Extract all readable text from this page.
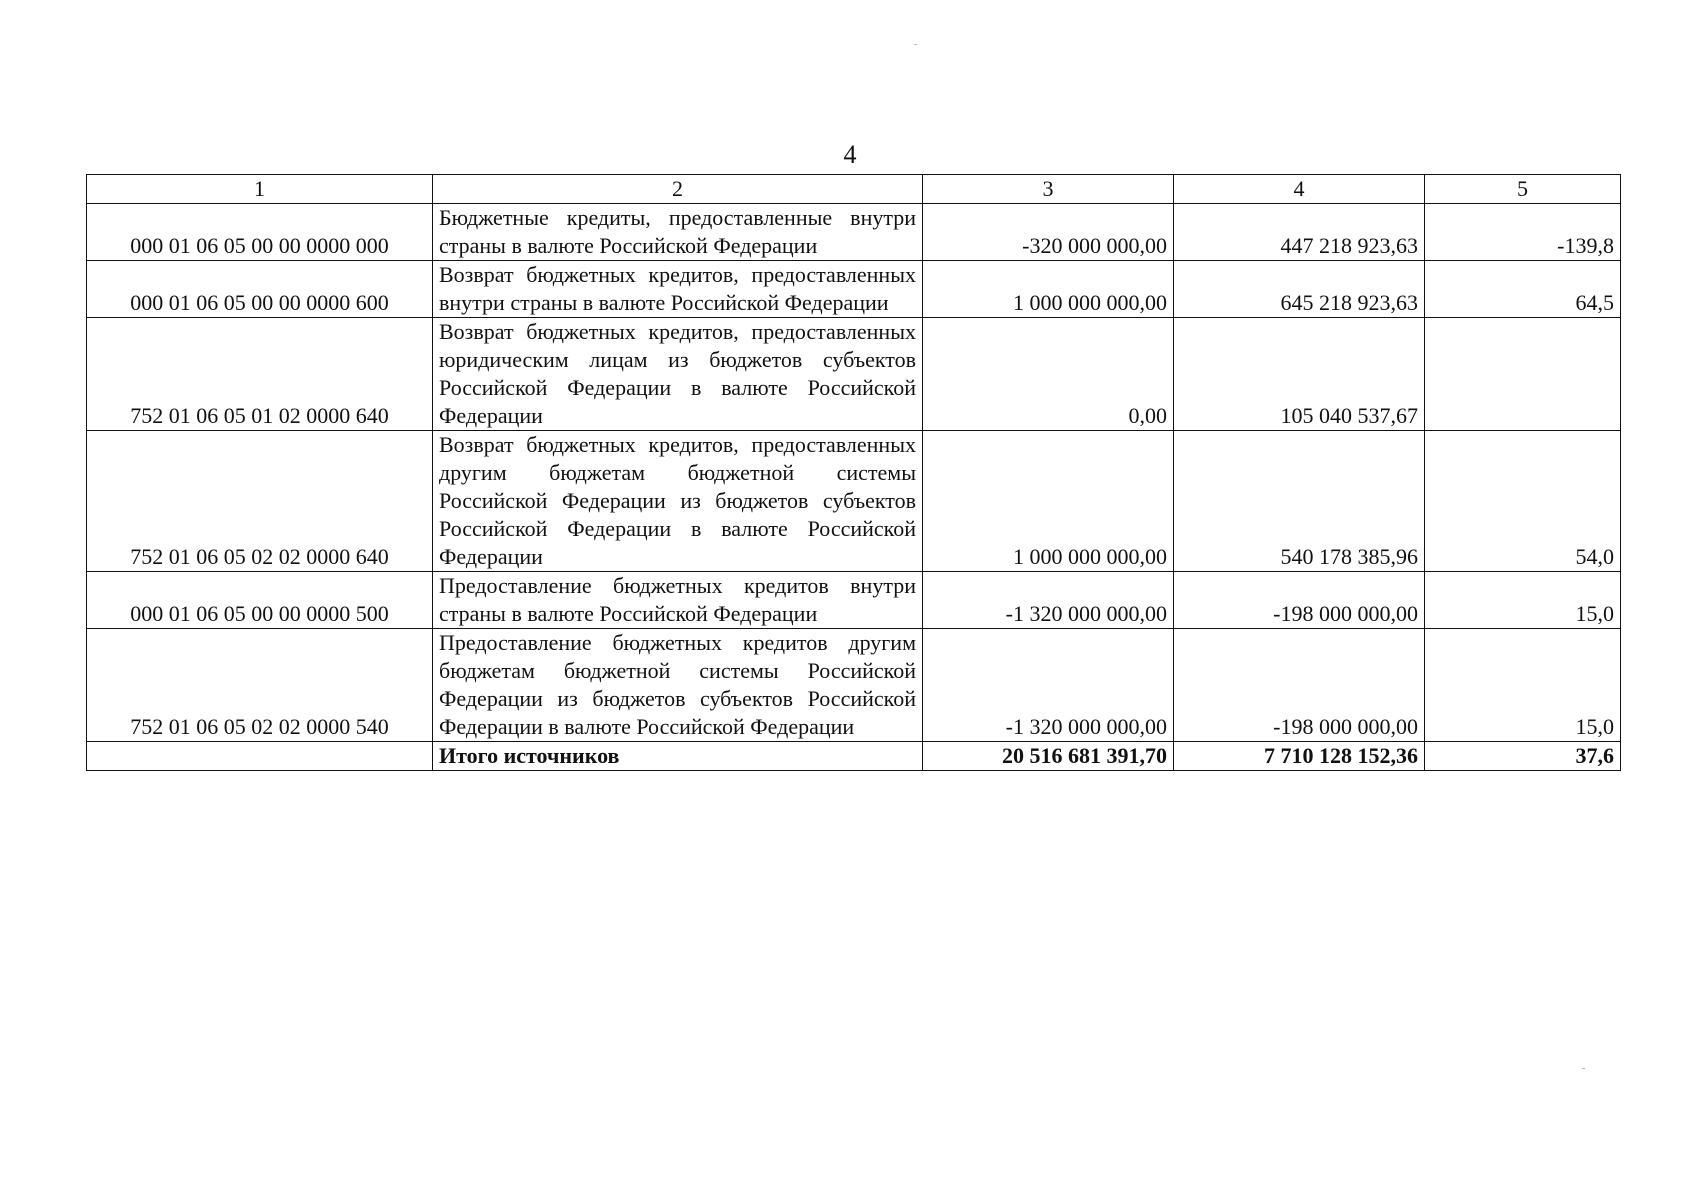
4
1	2	3	4	5
000 01 06 05 00 00 0000 000	Бюджетные кредиты, предоставленные внутри страны в валюте Российской Федерации	-320 000 000,00	447 218 923,63	-139,8
000 01 06 05 00 00 0000 600	Возврат бюджетных кредитов, предоставленных внутри страны в валюте Российской Федерации	1 000 000 000,00	645 218 923,63	64,5
752 01 06 05 01 02 0000 640	Возврат бюджетных кредитов, предоставленных юридическим лицам из бюджетов субъектов Российской Федерации в валюте Российской Федерации	0,00	105 040 537,67	
752 01 06 05 02 02 0000 640	Возврат бюджетных кредитов, предоставленных другим бюджетам бюджетной системы Российской Федерации из бюджетов субъектов Российской Федерации в валюте Российской Федерации	1 000 000 000,00	540 178 385,96	54,0
000 01 06 05 00 00 0000 500	Предоставление бюджетных кредитов внутри страны в валюте Российской Федерации	-1 320 000 000,00	-198 000 000,00	15,0
752 01 06 05 02 02 0000 540	Предоставление бюджетных кредитов другим бюджетам бюджетной системы Российской Федерации из бюджетов субъектов Российской Федерации в валюте Российской Федерации	-1 320 000 000,00	-198 000 000,00	15,0
	Итого источников	20 516 681 391,70	7 710 128 152,36	37,6
